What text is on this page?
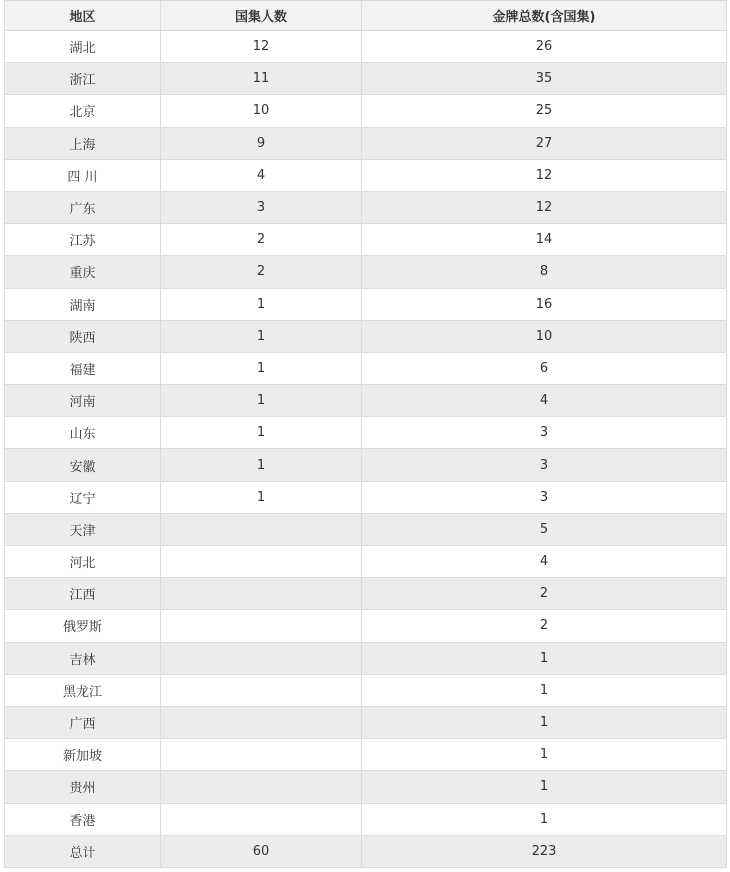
地区	国集人数	金牌总数(含国集)
湖北	12	26
浙江	11	35
北京	10	25
上海	9	27
四 川	4	12
广东	3	12
江苏	2	14
重庆	2	8
湖南	1	16
陕西	1	10
福建	1	6
河南	1	4
山东	1	3
安徽	1	3
辽宁	1	3
天津		5
河北		4
江西		2
俄罗斯		2
吉林		1
黑龙江		1
广西		1
新加坡		1
贵州		1
香港		1
总计	60	223
